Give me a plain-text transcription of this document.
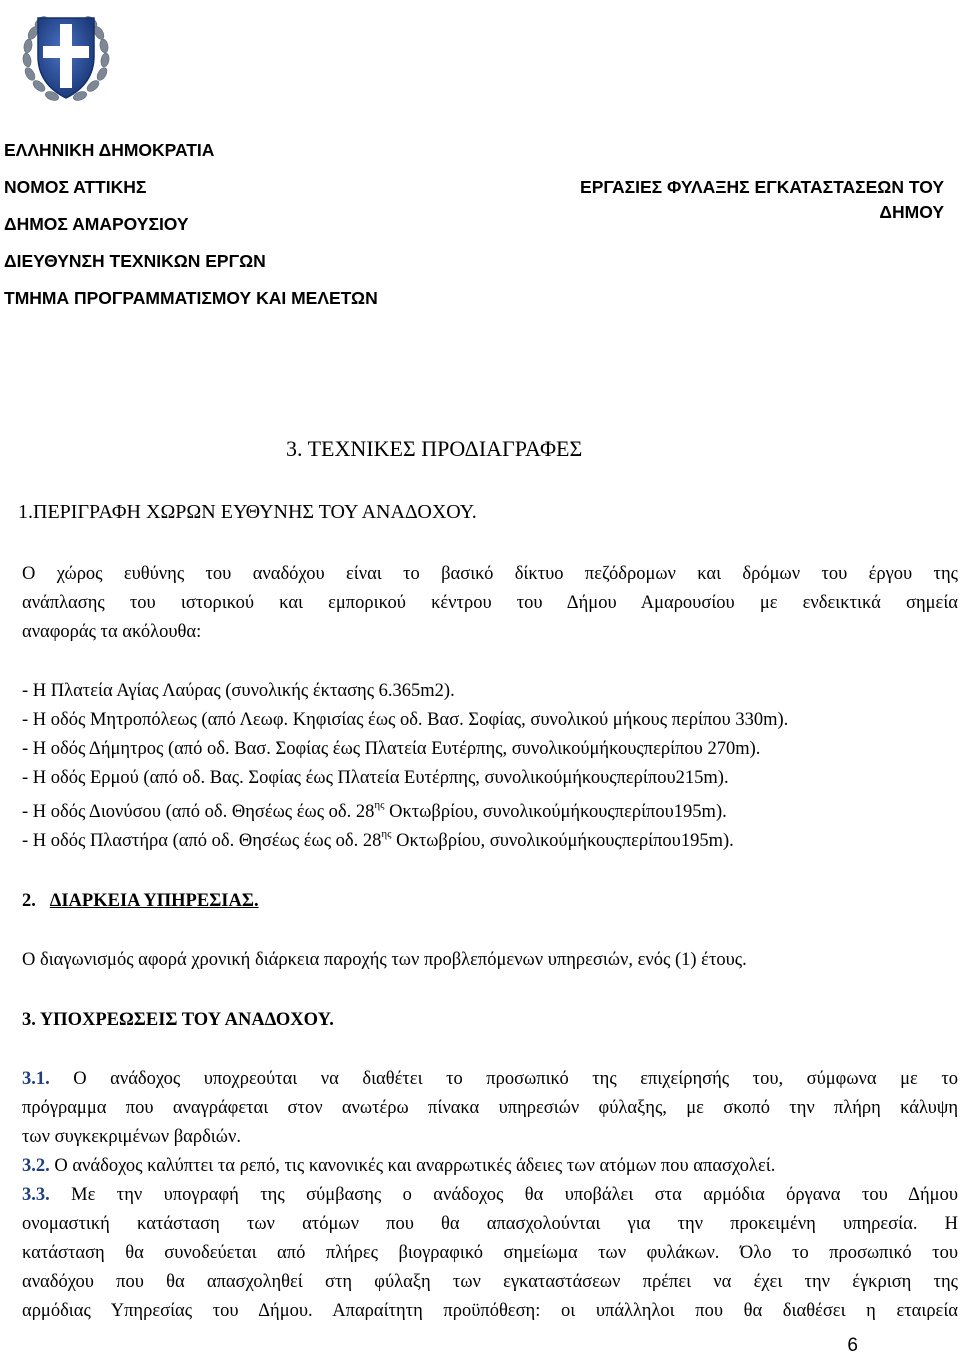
ΕΛΛΗΝΙΚΗ ΔΗΜΟΚΡΑΤΙΑ
ΝΟΜΟΣ ΑΤΤΙΚΗΣ
ΔΗΜΟΣ ΑΜΑΡΟΥΣΙΟΥ
ΔΙΕΥΘΥΝΣΗ ΤΕΧΝΙΚΩΝ ΕΡΓΩΝ
ΤΜΗΜΑ ΠΡΟΓΡΑΜΜΑΤΙΣΜΟΥ ΚΑΙ ΜΕΛΕΤΩΝ
ΕΡΓΑΣΙΕΣ ΦΥΛΑΞΗΣ ΕΓΚΑΤΑΣΤΑΣΕΩΝ ΤΟΥ
ΔΗΜΟΥ
3. ΤΕΧΝΙΚΕΣ ΠΡΟΔΙΑΓΡΑΦΕΣ
1.ΠΕΡΙΓΡΑΦΗ ΧΩΡΩΝ ΕΥΘΥΝΗΣ ΤΟΥ ΑΝΑΔΟΧΟΥ.
Ο χώρος ευθύνης του αναδόχου είναι το βασικό δίκτυο πεζόδρομων και δρόμων του έργου της
ανάπλασης του ιστορικού και εμπορικού κέντρου του Δήμου Αμαρουσίου με ενδεικτικά σημεία
αναφοράς τα ακόλουθα:
- Η Πλατεία Αγίας Λαύρας (συνολικής έκτασης 6.365m2).
- Η οδός Μητροπόλεως (από Λεωφ. Κηφισίας έως οδ. Βασ. Σοφίας, συνολικού μήκους περίπου 330m).
- Η οδός Δήμητρος (από οδ. Βασ. Σοφίας έως Πλατεία Ευτέρπης, συνολικούμήκουςπερίπου 270m).
- Η οδός Ερμού (από οδ. Βας. Σοφίας έως Πλατεία Ευτέρπης, συνολικούμήκουςπερίπου215m).
- Η οδός Διονύσου (από οδ. Θησέως έως οδ. $28^{\eta\varsigma}$ Οκτωβρίου, συνολικούμήκουςπερίπου195m).
- Η οδός Πλαστήρα (από οδ. Θησέως έως οδ. $28^{\eta\varsigma}$ Οκτωβρίου, συνολικούμήκουςπερίπου195m).
2. ΔΙΑΡΚΕΙΑ ΥΠΗΡΕΣΙΑΣ.
Ο διαγωνισμός αφορά χρονική διάρκεια παροχής των προβλεπόμενων υπηρεσιών, ενός (1) έτους.
3. ΥΠΟΧΡΕΩΣΕΙΣ ΤΟΥ ΑΝΑΔΟΧΟΥ.
3.1. Ο ανάδοχος υποχρεούται να διαθέτει το προσωπικό της επιχείρησής του, σύμφωνα με το
πρόγραμμα που αναγράφεται στον ανωτέρω πίνακα υπηρεσιών φύλαξης, με σκοπό την πλήρη κάλυψη
των συγκεκριμένων βαρδιών.
3.2. Ο ανάδοχος καλύπτει τα ρεπό, τις κανονικές και αναρρωτικές άδειες των ατόμων που απασχολεί.
3.3. Με την υπογραφή της σύμβασης ο ανάδοχος θα υποβάλει στα αρμόδια όργανα του Δήμου
ονομαστική κατάσταση των ατόμων που θα απασχολούνται για την προκειμένη υπηρεσία. Η
κατάσταση θα συνοδεύεται από πλήρες βιογραφικό σημείωμα των φυλάκων. Όλο το προσωπικό του
αναδόχου που θα απασχοληθεί στη φύλαξη των εγκαταστάσεων πρέπει να έχει την έγκριση της
αρμόδιας Υπηρεσίας του Δήμου. Απαραίτητη προϋπόθεση: οι υπάλληλοι που θα διαθέσει η εταιρεία
6
